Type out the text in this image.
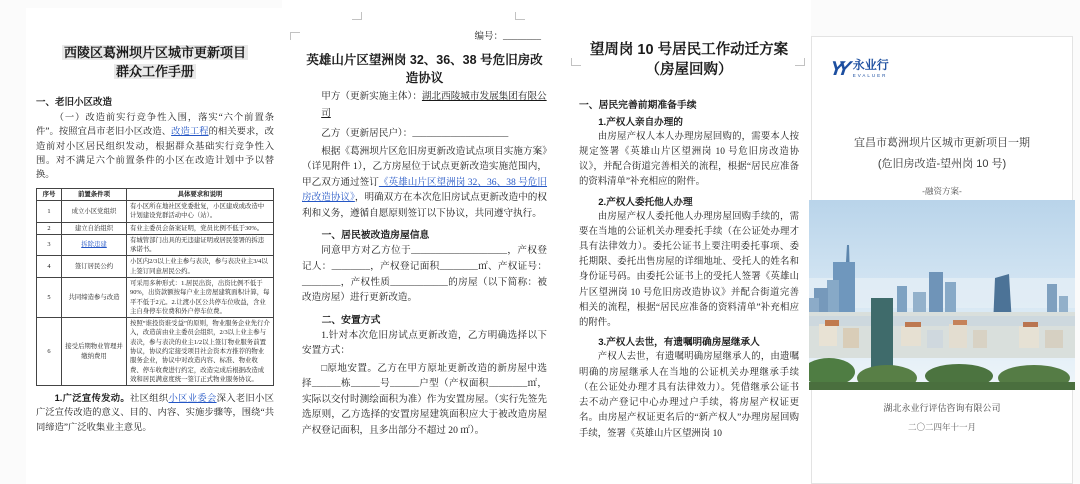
西陵区葛洲坝片区城市更新项目
群众工作手册
一、老旧小区改造
（一）改造前实行竞争性入围，落实“六个前置条件”。按照宜昌市老旧小区改造、改造工程的相关要求，改造前对小区居民组织发动，根据群众基础实行竞争性入围。对不满足六个前置条件的小区在改造计划中予以替换。
序号	前置条件项	具体要求和说明
1	成立小区党组织	有小区所在地社区党委批复，小区建成或改造中计划建设党群活动中心（站）。
2	建立自治组织	有业主委员会备案证明，党员比例不低于30%。
3	拆除违建	有城管部门出具的无违建证明或居民签署的拆违承诺书。
4	签订居民公约	小区内2/3以上业主参与表决，参与表决业主3/4以上签订同意居民公约。
5	共同缔造参与改造	可采用多种形式：1.居民出资，出资比例不低于90%，出资款额按每户业主房屋建筑面积计算，每平不低于2元。2.让渡小区公共停车位收益，含业主自身停车位费和外户停车位费。
6	接受后期物业管理并缴纳费用	按照“谁投资谁受益”的原则，物业服务企业先行介入，改造前由业主委员会组织，2/3以上业主参与表决，参与表决的业主1/2以上签订物业服务前置协议，协议约定接受项目社会资本方推荐的物业服务企业，协议中对改造内容、标准、物业收费、停车收费进行约定，改造完成后根据改造成效和居民满意度统一签订正式物业服务协议。
1.广泛宣传发动。社区组织小区业委会深入老旧小区广泛宣传改造的意义、目的、内容、实施步骤等，围绕“共同缔造”广泛收集业主意见。
编号：________
英雄山片区望洲岗 32、36、38 号危旧房改造协议
甲方（更新实施主体）：湖北西陵城市发展集团有限公司
乙方（更新居民户）：____________________
根据《葛洲坝片区危旧房更新改造试点项目实施方案》（详见附件 1），乙方房屋位于试点更新改造实施范围内，甲乙双方通过签订《英雄山片区望洲岗 32、36、38 号危旧房改造协议》，明确双方在本次危旧房试点更新改造中的权利和义务，遵循自愿原则签订以下协议，共同遵守执行。
一、居民被改造房屋信息
同意甲方对乙方位于____________________，产权登记人：________，产权登记面积________㎡、产权证号：________，产权性质____________的房屋（以下简称：被改造房屋）进行更新改造。
二、安置方式
1.针对本次危旧房试点更新改造，乙方明确选择以下安置方式：
□原地安置。乙方在甲方原址更新改造的新房屋中选择______栋______号______户型（产权面积________㎡，实际以交付时测绘面积为准）作为安置房屋。（实行先签先选原则，乙方选择的安置房屋建筑面积应大于被改造房屋产权登记面积，且多出部分不超过 20 ㎡）。
望周岗 10 号居民工作动迁方案
（房屋回购）
一、居民完善前期准备手续
1.产权人亲自办理的
由房屋产权人本人办理房屋回购的，需要本人按规定签署《英雄山片区望洲岗 10 号危旧房改造协议》，并配合街道完善相关的流程，根据“居民应准备的资料清单”补充相应的附件。
2.产权人委托他人办理
由房屋产权人委托他人办理房屋回购手续的，需要在当地的公证机关办理委托手续（在公证处办理才具有法律效力）。委托公证书上要注明委托事项、委托期限、委托出售房屋的详细地址、受托人的姓名和身份证号码。由委托公证书上的受托人签署《英雄山片区望洲岗 10 号危旧房改造协议》并配合街道完善相关的流程，根据“居民应准备的资料清单”补充相应的附件。
3.产权人去世，有遗嘱明确房屋继承人
产权人去世，有遗嘱明确房屋继承人的，由遗嘱明确的房屋继承人在当地的公证机关办理继承手续（在公证处办理才具有法律效力）。凭借继承公证书去不动产登记中心办理过户手续，将房屋产权证更名。由房屋产权证更名后的“新产权人”办理房屋回购手续，签署《英雄山片区望洲岗 10
YY 永业行
EVALUER
宜昌市葛洲坝片区城市更新项目一期
(危旧房改造-望州岗 10 号)
-融资方案-
湖北永业行评估咨询有限公司
二〇二四年十一月
